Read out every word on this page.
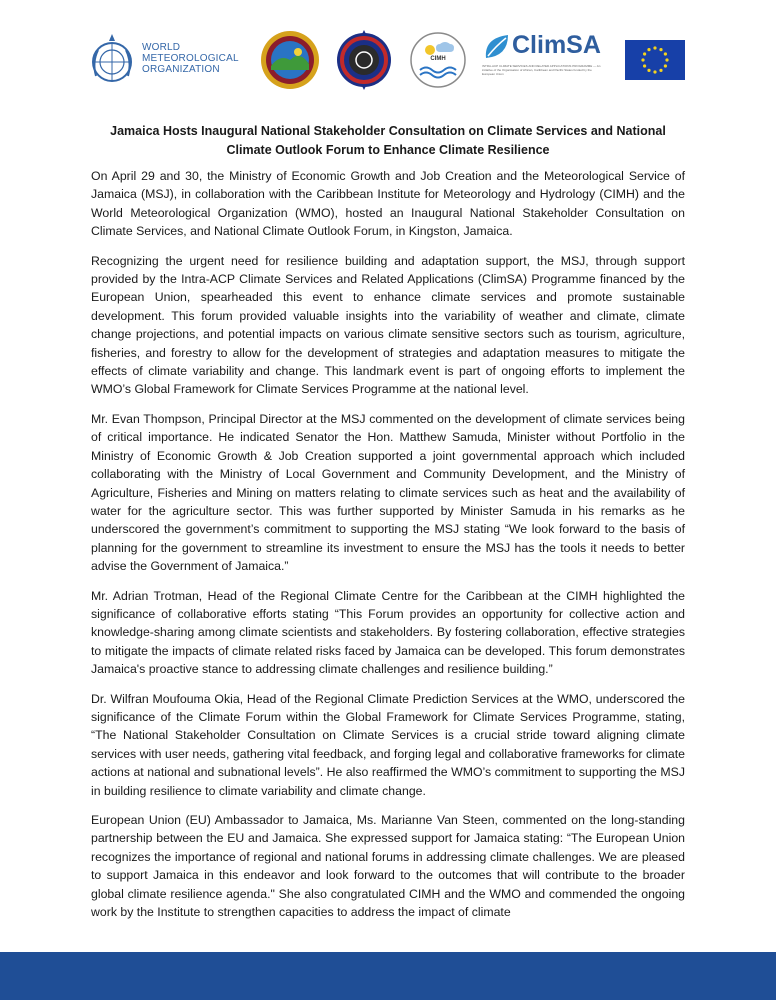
WORLD
METEOROLOGICAL
ORGANIZATION
CIMH	ClimSA
INTRA-ACP CLIMATE SERVICES AND RELATED APPLICATIONS PROGRAMME — An initiative of the Organisation of African, Caribbean and Pacific States funded by the European Union
Jamaica Hosts Inaugural National Stakeholder Consultation on Climate Services and National Climate Outlook Forum to Enhance Climate Resilience

On April 29 and 30, the Ministry of Economic Growth and Job Creation and the Meteorological Service of Jamaica (MSJ), in collaboration with the Caribbean Institute for Meteorology and Hydrology (CIMH) and the World Meteorological Organization (WMO), hosted an Inaugural National Stakeholder Consultation on Climate Services, and National Climate Outlook Forum, in Kingston, Jamaica.

Recognizing the urgent need for resilience building and adaptation support, the MSJ, through support provided by the Intra-ACP Climate Services and Related Applications (ClimSA) Programme financed by the European Union, spearheaded this event to enhance climate services and promote sustainable development. This forum provided valuable insights into the variability of weather and climate, climate change projections, and potential impacts on various climate sensitive sectors such as tourism, agriculture, fisheries, and forestry to allow for the development of strategies and adaptation measures to mitigate the effects of climate variability and change. This landmark event is part of ongoing efforts to implement the WMO’s Global Framework for Climate Services Programme at the national level.

Mr. Evan Thompson, Principal Director at the MSJ commented on the development of climate services being of critical importance. He indicated Senator the Hon. Matthew Samuda, Minister without Portfolio in the Ministry of Economic Growth & Job Creation supported a joint governmental approach which included collaborating with the Ministry of Local Government and Community Development, and the Ministry of Agriculture, Fisheries and Mining on matters relating to climate services such as heat and the availability of water for the agriculture sector. This was further supported by Minister Samuda in his remarks as he underscored the government’s commitment to supporting the MSJ stating “We look forward to the basis of planning for the government to streamline its investment to ensure the MSJ has the tools it needs to better advise the Government of Jamaica.”

Mr. Adrian Trotman, Head of the Regional Climate Centre for the Caribbean at the CIMH highlighted the significance of collaborative efforts stating “This Forum provides an opportunity for collective action and knowledge-sharing among climate scientists and stakeholders. By fostering collaboration, effective strategies to mitigate the impacts of climate related risks faced by Jamaica can be developed. This forum demonstrates Jamaica's proactive stance to addressing climate challenges and resilience building.”

Dr. Wilfran Moufouma Okia, Head of the Regional Climate Prediction Services at the WMO, underscored the significance of the Climate Forum within the Global Framework for Climate Services Programme, stating, “The National Stakeholder Consultation on Climate Services is a crucial stride toward aligning climate services with user needs, gathering vital feedback, and forging legal and collaborative frameworks for climate actions at national and subnational levels”. He also reaffirmed the WMO’s commitment to supporting the MSJ in building resilience to climate variability and climate change.

European Union (EU) Ambassador to Jamaica, Ms. Marianne Van Steen, commented on the long-standing partnership between the EU and Jamaica. She expressed support for Jamaica stating: “The European Union recognizes the importance of regional and national forums in addressing climate challenges. We are pleased to support Jamaica in this endeavor and look forward to the outcomes that will contribute to the broader global climate resilience agenda." She also congratulated CIMH and the WMO and commended the ongoing work by the Institute to strengthen capacities to address the impact of climate
